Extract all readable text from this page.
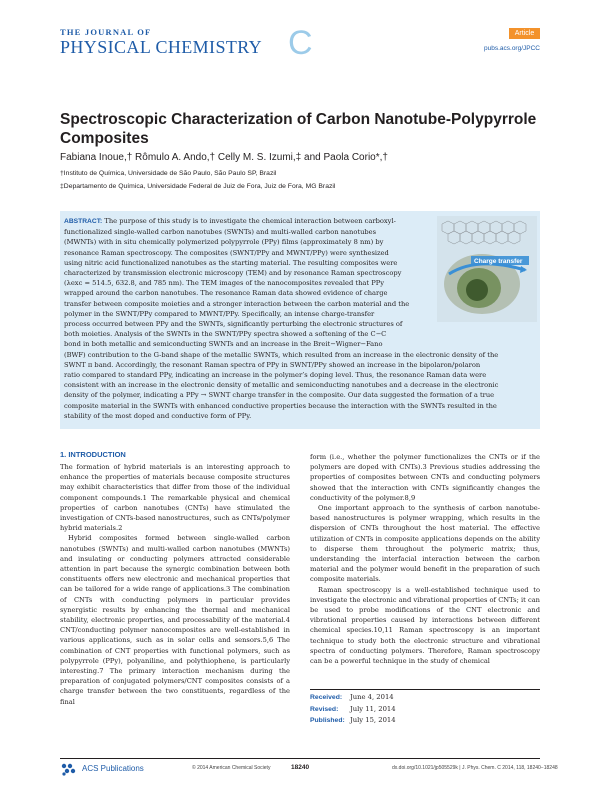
THE JOURNAL OF
PHYSICAL CHEMISTRY C	Article
pubs.acs.org/JPCC
Spectroscopic Characterization of Carbon Nanotube-Polypyrrole Composites
Fabiana Inoue,† Rômulo A. Ando,† Celly M. S. Izumi,‡ and Paola Corio*,†
†Instituto de Química, Universidade de São Paulo, São Paulo SP, Brazil
‡Departamento de Química, Universidade Federal de Juiz de Fora, Juiz de Fora, MG Brazil
ABSTRACT: The purpose of this study is to investigate the chemical interaction between carboxyl-
functionalized single-walled carbon nanotubes (SWNTs) and multi-walled carbon nanotubes
(MWNTs) with in situ chemically polymerized polypyrrole (PPy) films (approximately 8 nm) by
resonance Raman spectroscopy. The composites (SWNT/PPy and MWNT/PPy) were synthesized
using nitric acid functionalized nanotubes as the starting material. The resulting composites were
characterized by transmission electronic microscopy (TEM) and by resonance Raman spectroscopy
(λexc = 514.5, 632.8, and 785 nm). The TEM images of the nanocomposites revealed that PPy
wrapped around the carbon nanotubes. The resonance Raman data showed evidence of charge
transfer between composite moieties and a stronger interaction between the carbon material and the
polymer in the SWNT/PPy compared to MWNT/PPy. Specifically, an intense charge-transfer
process occurred between PPy and the SWNTs, significantly perturbing the electronic structures of
both moieties. Analysis of the SWNTs in the SWNT/PPy spectra showed a softening of the C−C
bond in both metallic and semiconducting SWNTs and an increase in the Breit−Wigner−Fano
(BWF) contribution to the G-band shape of the metallic SWNTs, which resulted from an increase in the electronic density of the
SWNT π band. Accordingly, the resonant Raman spectra of PPy in SWNT/PPy showed an increase in the bipolaron/polaron
ratio compared to standard PPy, indicating an increase in the polymer’s doping level. Thus, the resonance Raman data were
consistent with an increase in the electronic density of metallic and semiconducting nanotubes and a decrease in the electronic
density of the polymer, indicating a PPy → SWNT charge transfer in the composite. Our data suggested the formation of a true
composite material in the SWNTs with enhanced conductive properties because the interaction with the SWNTs resulted in the
stability of the most doped and conductive form of PPy.
Charge transfer
1. INTRODUCTION

The formation of hybrid materials is an interesting approach to enhance the properties of materials because composite structures may exhibit characteristics that differ from those of the individual component compounds.1 The remarkable physical and chemical properties of carbon nanotubes (CNTs) have stimulated the investigation of CNTs-based nanostructures, such as CNTs/polymer hybrid materials.2

Hybrid composites formed between single-walled carbon nanotubes (SWNTs) and multi-walled carbon nanotubes (MWNTs) and insulating or conducting polymers attracted considerable attention in part because the synergic combination between both constituents offers new electronic and mechanical properties that can be tailored for a wide range of applications.3 The combination of CNTs with conducting polymers in particular provides synergistic results by enhancing the thermal and mechanical stability, electronic properties, and processability of the material.4 CNT/conducting polymer nanocomposites are well-established in various applications, such as in solar cells and sensors.5,6 The combination of CNT properties with functional polymers, such as polypyrrole (PPy), polyaniline, and polythiophene, is particularly interesting.7 The primary interaction mechanism during the preparation of conjugated polymers/CNT composites consists of a charge transfer between the two constituents, regardless of the final

form (i.e., whether the polymer functionalizes the CNTs or if the polymers are doped with CNTs).3 Previous studies addressing the properties of composites between CNTs and conducting polymers showed that the interaction with CNTs significantly changes the conductivity of the polymer.8,9

One important approach to the synthesis of carbon nanotube-based nanostructures is polymer wrapping, which results in the dispersion of CNTs throughout the host material. The effective utilization of CNTs in composite applications depends on the ability to disperse them throughout the polymeric matrix; thus, understanding the interfacial interaction between the carbon material and the polymer would benefit in the preparation of such composite materials.

Raman spectroscopy is a well-established technique used to investigate the electronic and vibrational properties of CNTs; it can be used to probe modifications of the CNT electronic and vibrational properties caused by interactions between different chemical species.10,11 Raman spectroscopy is an important technique to study both the electronic structure and vibrational spectra of conducting polymers. Therefore, Raman spectroscopy can be a powerful technique in the study of chemical

Received: June 4, 2014
Revised: July 11, 2014
Published: July 15, 2014
ACS Publications	© 2014 American Chemical Society	18240	dx.doi.org/10.1021/jp505529k | J. Phys. Chem. C 2014, 118, 18240−18248
